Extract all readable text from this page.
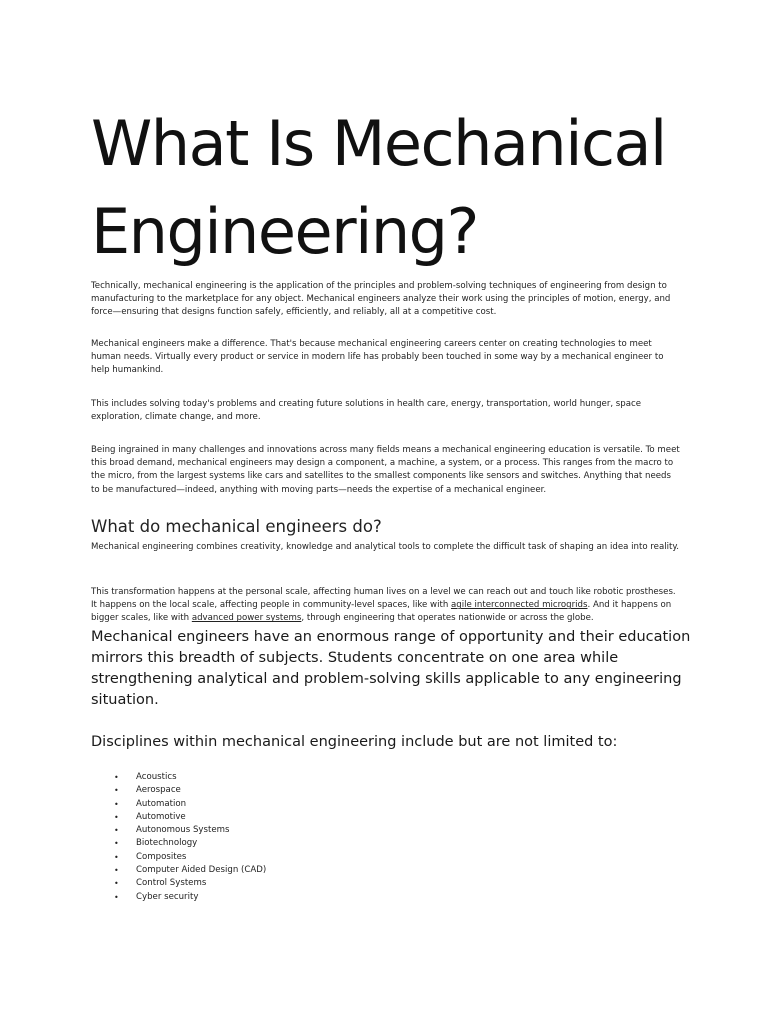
What Is Mechanical
Engineering?

Technically, mechanical engineering is the application of the principles and problem-solving techniques of engineering from design to manufacturing to the marketplace for any object. Mechanical engineers analyze their work using the principles of motion, energy, and force—ensuring that designs function safely, efficiently, and reliably, all at a competitive cost.

Mechanical engineers make a difference. That's because mechanical engineering careers center on creating technologies to meet human needs. Virtually every product or service in modern life has probably been touched in some way by a mechanical engineer to help humankind.

This includes solving today's problems and creating future solutions in health care, energy, transportation, world hunger, space exploration, climate change, and more.

Being ingrained in many challenges and innovations across many fields means a mechanical engineering education is versatile. To meet this broad demand, mechanical engineers may design a component, a machine, a system, or a process. This ranges from the macro to the micro, from the largest systems like cars and satellites to the smallest components like sensors and switches. Anything that needs to be manufactured—indeed, anything with moving parts—needs the expertise of a mechanical engineer.

What do mechanical engineers do?

Mechanical engineering combines creativity, knowledge and analytical tools to complete the difficult task of shaping an idea into reality.

This transformation happens at the personal scale, affecting human lives on a level we can reach out and touch like robotic prostheses. It happens on the local scale, affecting people in community-level spaces, like with agile interconnected microgrids. And it happens on bigger scales, like with advanced power systems, through engineering that operates nationwide or across the globe.

Mechanical engineers have an enormous range of opportunity and their education mirrors this breadth of subjects. Students concentrate on one area while strengthening analytical and problem-solving skills applicable to any engineering situation.

Disciplines within mechanical engineering include but are not limited to:

• Acoustics
• Aerospace
• Automation
• Automotive
• Autonomous Systems
• Biotechnology
• Composites
• Computer Aided Design (CAD)
• Control Systems
• Cyber security
